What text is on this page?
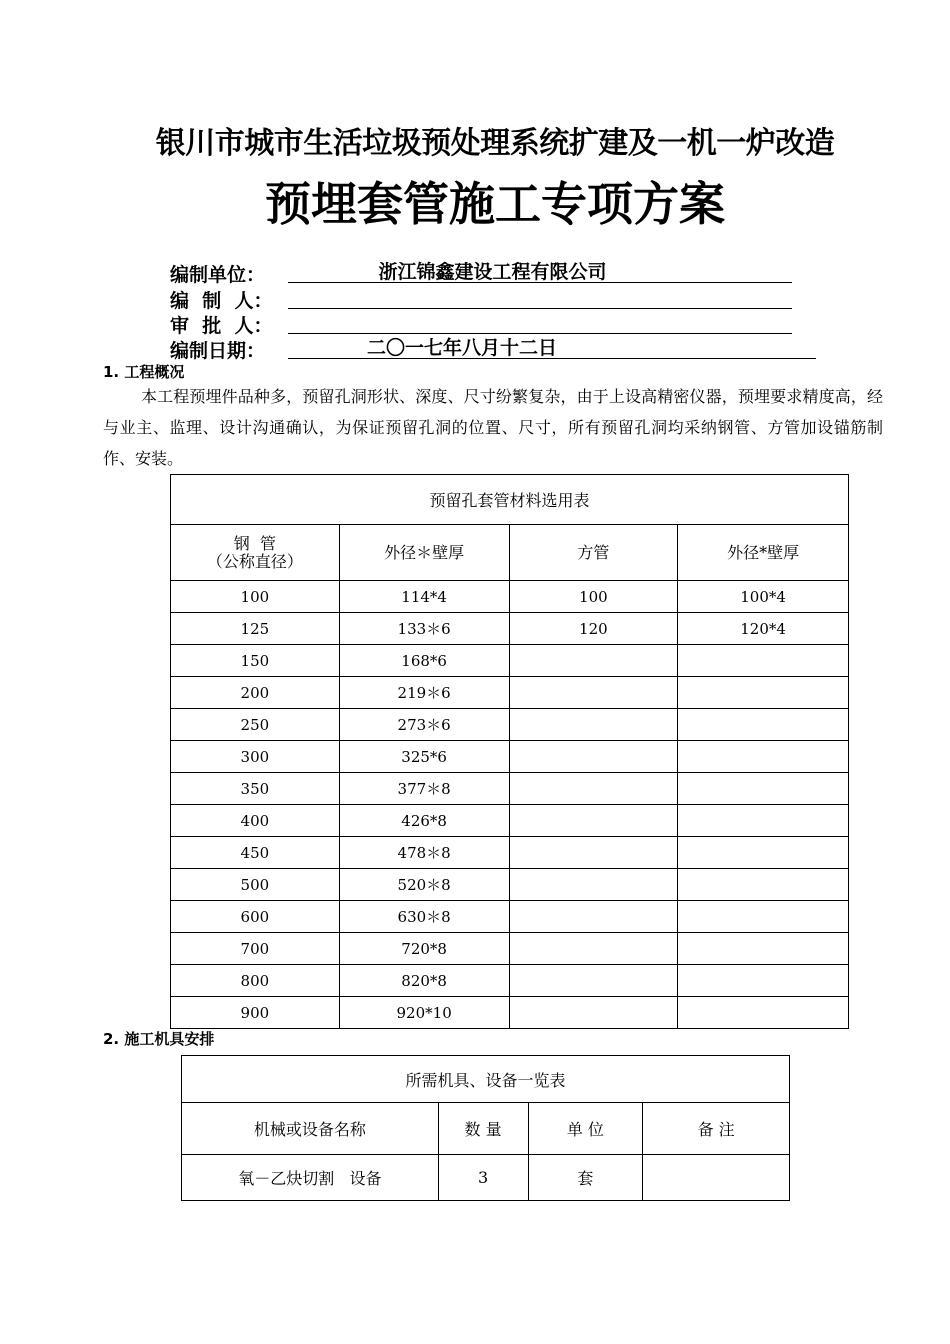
银川市城市生活垃圾预处理系统扩建及一机一炉改造
预埋套管施工专项方案
编制单位：	浙江锦鑫建设工程有限公司
编  制  人：
审  批  人：
编制日期：	二〇一七年八月十二日
1. 工程概况
本工程预埋件品种多，预留孔洞形状、深度、尺寸纷繁复杂，由于上设高精密仪器，预埋要求精度高，经与业主、监理、设计沟通确认，为保证预留孔洞的位置、尺寸，所有预留孔洞均采纳钢管、方管加设锚筋制作、安装。
预留孔套管材料选用表			

钢  管
（公称直径）	外径＊壁厚	方管	外径*壁厚
100	114*4	100	100*4
125	133＊6	120	120*4
150	168*6		
200	219＊6		
250	273＊6		
300	325*6		
350	377＊8		
400	426*8		
450	478＊8		
500	520＊8		
600	630＊8		
700	720*8		
800	820*8		
900	920*10		
2. 施工机具安排
所需机具、设备一览表			
机械或设备名称	数 量	单 位	备 注
氧－乙炔切割   设备	3	套	
